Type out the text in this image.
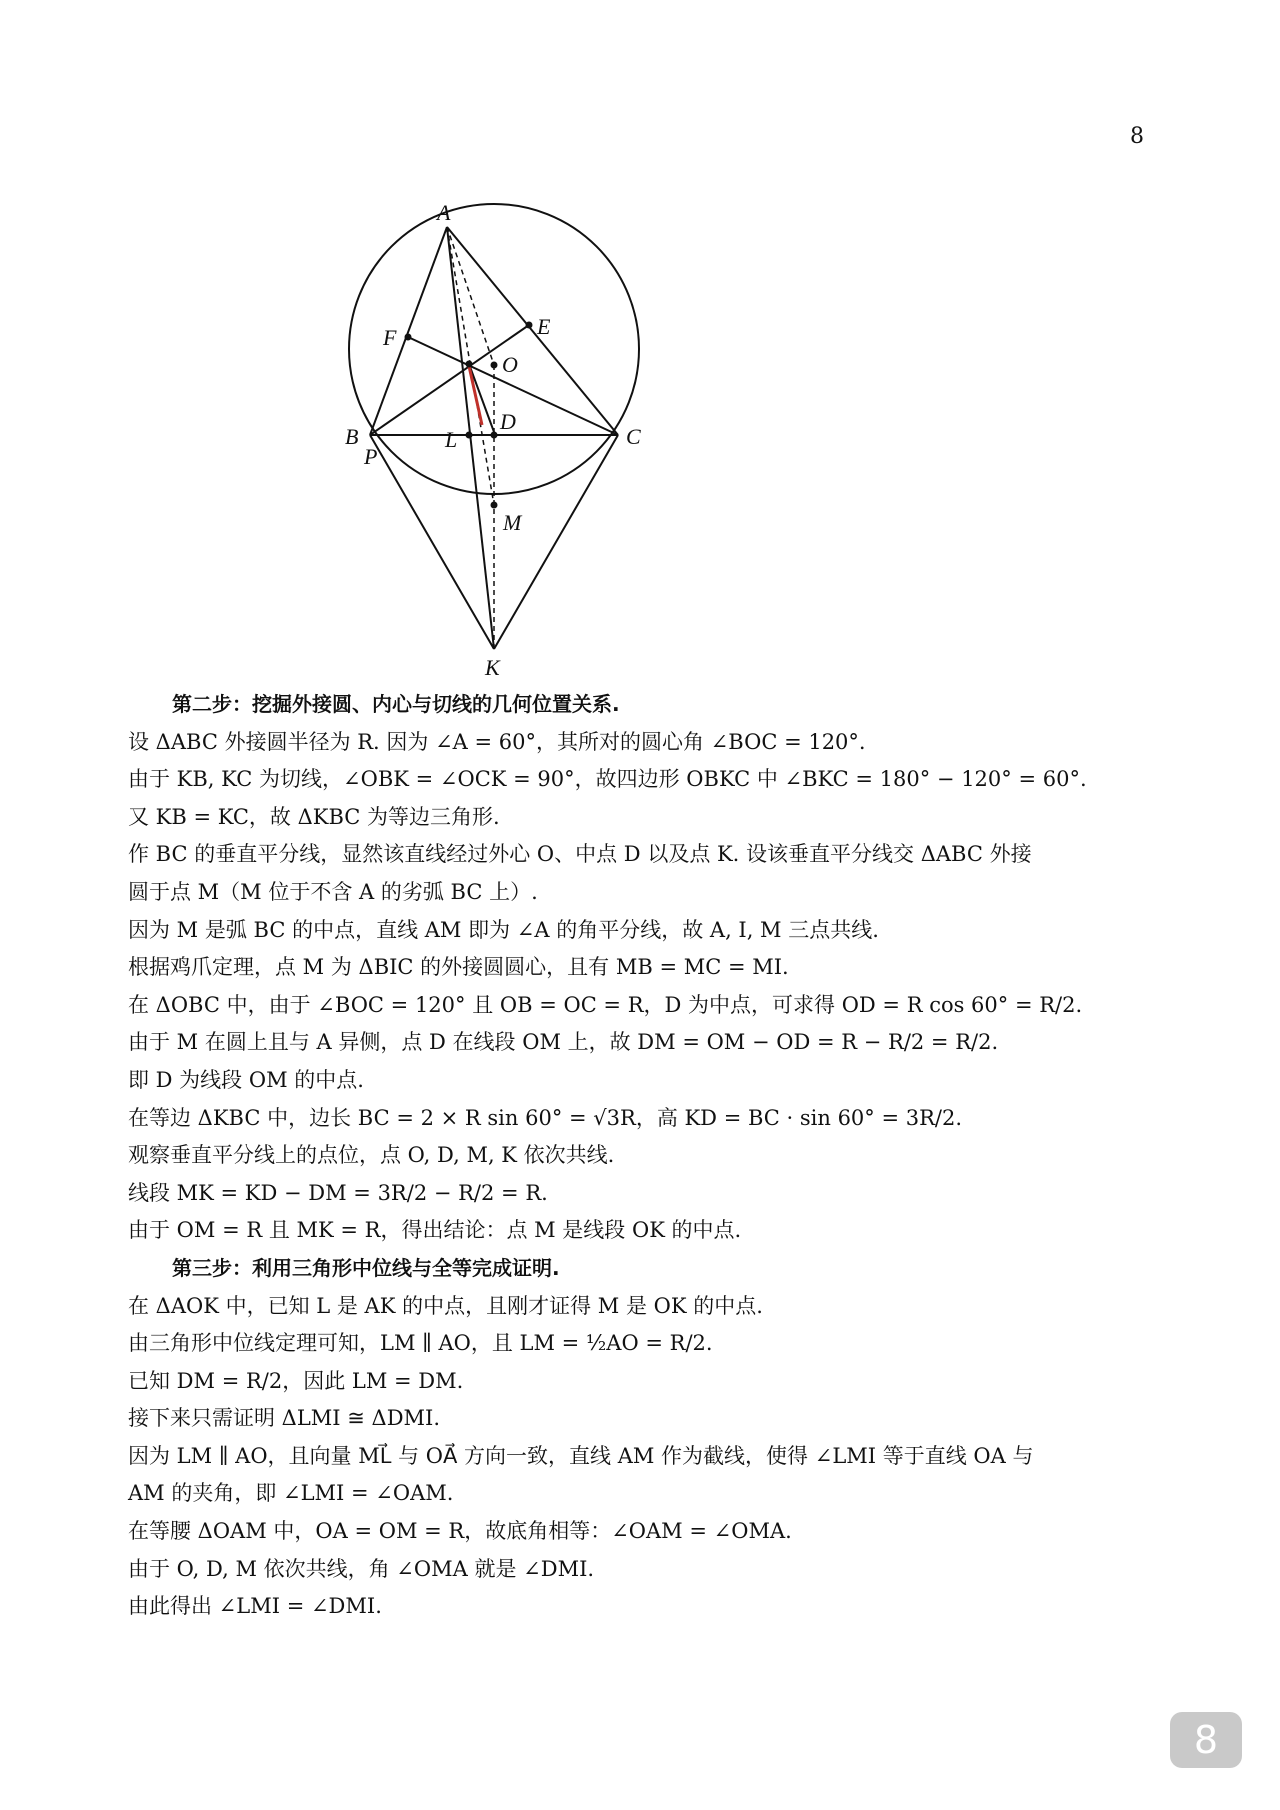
8
A
B	C
D
E
F
O
L
P
M
K
第二步：挖掘外接圆、内心与切线的几何位置关系.
设 ΔABC 外接圆半径为 R. 因为 ∠A = 60°，其所对的圆心角 ∠BOC = 120°.
由于 KB, KC 为切线，∠OBK = ∠OCK = 90°，故四边形 OBKC 中 ∠BKC = 180° − 120° = 60°.
又 KB = KC，故 ΔKBC 为等边三角形.
作 BC 的垂直平分线，显然该直线经过外心 O、中点 D 以及点 K. 设该垂直平分线交 ΔABC 外接
圆于点 M（M 位于不含 A 的劣弧 BC 上）.
因为 M 是弧 BC 的中点，直线 AM 即为 ∠A 的角平分线，故 A, I, M 三点共线.
根据鸡爪定理，点 M 为 ΔBIC 的外接圆圆心，且有 MB = MC = MI.
在 ΔOBC 中，由于 ∠BOC = 120° 且 OB = OC = R，D 为中点，可求得 OD = R cos 60° = R/2.
由于 M 在圆上且与 A 异侧，点 D 在线段 OM 上，故 DM = OM − OD = R − R/2 = R/2.
即 D 为线段 OM 的中点.
在等边 ΔKBC 中，边长 BC = 2 × R sin 60° = √3R，高 KD = BC · sin 60° = 3R/2.
观察垂直平分线上的点位，点 O, D, M, K 依次共线.
线段 MK = KD − DM = 3R/2 − R/2 = R.
由于 OM = R 且 MK = R，得出结论：点 M 是线段 OK 的中点.
第三步：利用三角形中位线与全等完成证明.
在 ΔAOK 中，已知 L 是 AK 的中点，且刚才证得 M 是 OK 的中点.
由三角形中位线定理可知，LM ∥ AO，且 LM = ½AO = R/2.
已知 DM = R/2，因此 LM = DM.
接下来只需证明 ΔLMI ≅ ΔDMI.
因为 LM ∥ AO，且向量 ML⃗ 与 OA⃗ 方向一致，直线 AM 作为截线，使得 ∠LMI 等于直线 OA 与
AM 的夹角，即 ∠LMI = ∠OAM.
在等腰 ΔOAM 中，OA = OM = R，故底角相等：∠OAM = ∠OMA.
由于 O, D, M 依次共线，角 ∠OMA 就是 ∠DMI.
由此得出 ∠LMI = ∠DMI.
8
